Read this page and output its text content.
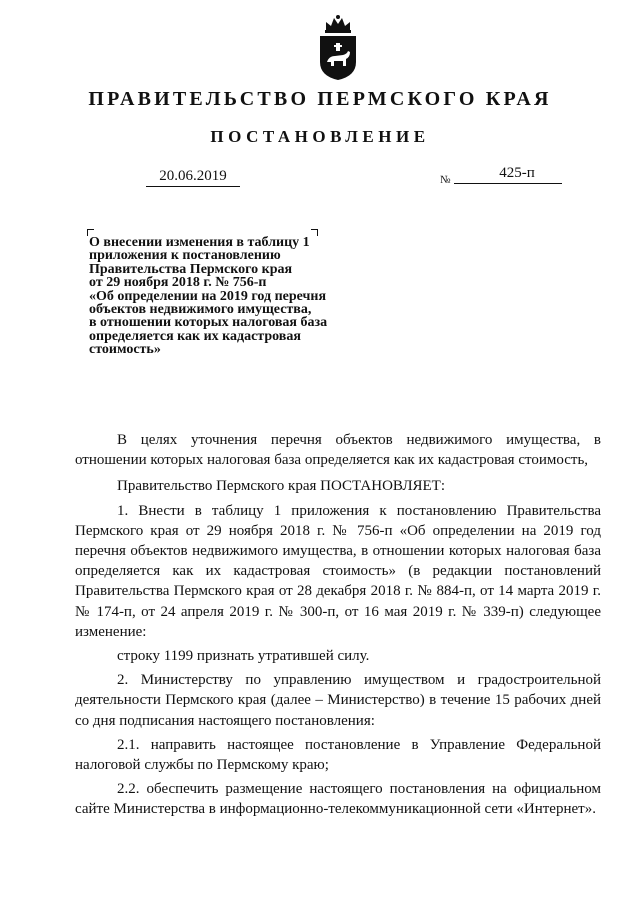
ПРАВИТЕЛЬСТВО ПЕРМСКОГО КРАЯ
ПОСТАНОВЛЕНИЕ
20.06.2019	№	425-п
О внесении изменения в таблицу 1
приложения к постановлению
Правительства Пермского края
от 29 ноября 2018 г. № 756-п
«Об определении на 2019 год перечня
объектов недвижимого имущества,
в отношении которых налоговая база
определяется как их кадастровая
стоимость»

В целях уточнения перечня объектов недвижимого имущества, в отношении которых налоговая база определяется как их кадастровая стоимость,

Правительство Пермского края ПОСТАНОВЛЯЕТ:

1. Внести в таблицу 1 приложения к постановлению Правительства Пермского края от 29 ноября 2018 г. № 756-п «Об определении на 2019 год перечня объектов недвижимого имущества, в отношении которых налоговая база определяется как их кадастровая стоимость» (в редакции постановлений Правительства Пермского края от 28 декабря 2018 г. № 884-п, от 14 марта 2019 г. № 174-п, от 24 апреля 2019 г. № 300-п, от 16 мая 2019 г. № 339-п) следующее изменение:

строку 1199 признать утратившей силу.

2. Министерству по управлению имуществом и градостроительной деятельности Пермского края (далее – Министерство) в течение 15 рабочих дней со дня подписания настоящего постановления:

2.1. направить настоящее постановление в Управление Федеральной налоговой службы по Пермскому краю;

2.2. обеспечить размещение настоящего постановления на официальном сайте Министерства в информационно-телекоммуникационной сети «Интернет».
